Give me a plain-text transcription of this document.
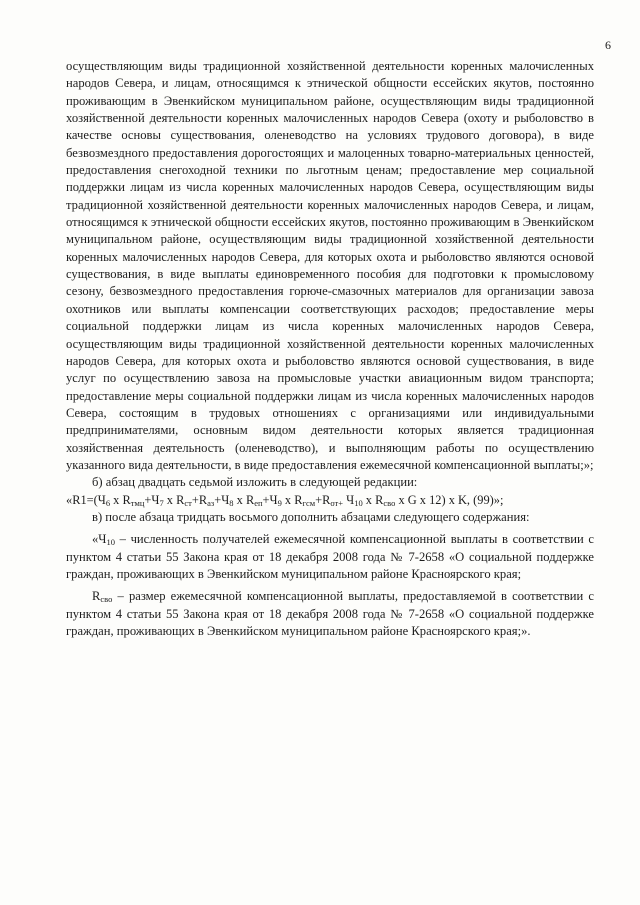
6

осуществляющим виды традиционной хозяйственной деятельности коренных малочисленных народов Севера, и лицам, относящимся к этнической общности ессейских якутов, постоянно проживающим в Эвенкийском муниципальном районе, осуществляющим виды традиционной хозяйственной деятельности коренных малочисленных народов Севера (охоту и рыболовство в качестве основы существования, оленеводство на условиях трудового договора), в виде безвозмездного предоставления дорогостоящих и малоценных товарно-материальных ценностей, предоставления снегоходной техники по льготным ценам; предоставление мер социальной поддержки лицам из числа коренных малочисленных народов Севера, осуществляющим виды традиционной хозяйственной деятельности коренных малочисленных народов Севера, и лицам, относящимся к этнической общности ессейских якутов, постоянно проживающим в Эвенкийском муниципальном районе, осуществляющим виды традиционной хозяйственной деятельности коренных малочисленных народов Севера, для которых охота и рыболовство являются основой существования, в виде выплаты единовременного пособия для подготовки к промысловому сезону, безвозмездного предоставления горюче-смазочных материалов для организации завоза охотников или выплаты компенсации соответствующих расходов; предоставление меры социальной поддержки лицам из числа коренных малочисленных народов Севера, осуществляющим виды традиционной хозяйственной деятельности коренных малочисленных народов Севера, для которых охота и рыболовство являются основой существования, в виде услуг по осуществлению завоза на промысловые участки авиационным видом транспорта; предоставление меры социальной поддержки лицам из числа коренных малочисленных народов Севера, состоящим в трудовых отношениях с организациями или индивидуальными предпринимателями, основным видом деятельности которых является традиционная хозяйственная деятельность (оленеводство), и выполняющим работы по осуществлению указанного вида деятельности, в виде предоставления ежемесячной компенсационной выплаты;»;

б) абзац двадцать седьмой изложить в следующей редакции:

«$R1=(Ч_6$ x $R_{тмц}+Ч_7$ x $R_{ст}+R_{аз}+Ч_8$ x $R_{еп}+Ч_9$ x $R_{гсм}+R_{от+}$ $Ч_{10}$ x $R_{сво}$ x G x 12) x K, (99)»;

в) после абзаца тридцать восьмого дополнить абзацами следующего содержания:

«$Ч_{10}$ – численность получателей ежемесячной компенсационной выплаты в соответствии с пунктом 4 статьи 55 Закона края от 18 декабря 2008 года № 7-2658 «О социальной поддержке граждан, проживающих в Эвенкийском муниципальном районе Красноярского края;

$R_{сво}$ – размер ежемесячной компенсационной выплаты, предоставляемой в соответствии с пунктом 4 статьи 55 Закона края от 18 декабря 2008 года № 7-2658 «О социальной поддержке граждан, проживающих в Эвенкийском муниципальном районе Красноярского края;».
